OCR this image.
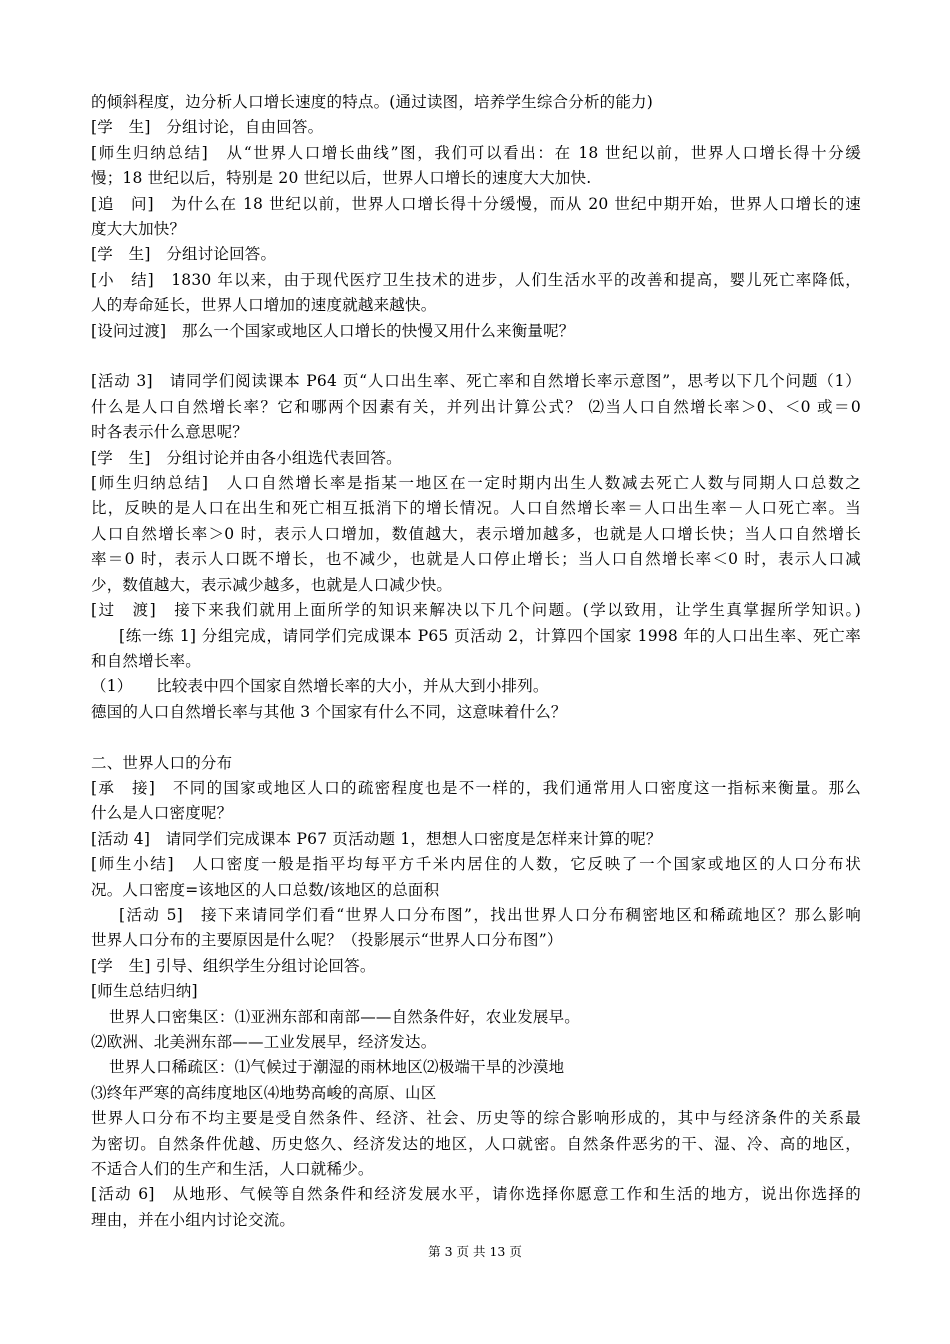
的倾斜程度，边分析人口增长速度的特点。(通过读图，培养学生综合分析的能力)
[学　生]　分组讨论，自由回答。
[师生归纳总结]　从“世界人口增长曲线”图，我们可以看出：在 18 世纪以前，世界人口增长得十分缓
慢；18 世纪以后，特别是 20 世纪以后，世界人口增长的速度大大加快.
[追　问]　为什么在 18 世纪以前，世界人口增长得十分缓慢，而从 20 世纪中期开始，世界人口增长的速
度大大加快？
[学　生]　分组讨论回答。
[小　结]　1830 年以来，由于现代医疗卫生技术的进步，人们生活水平的改善和提高，婴儿死亡率降低，
人的寿命延长，世界人口增加的速度就越来越快。
[设问过渡]　那么一个国家或地区人口增长的快慢又用什么来衡量呢？
[活动 3]　请同学们阅读课本 P64 页“人口出生率、死亡率和自然增长率示意图”，思考以下几个问题（1）
什么是人口自然增长率？它和哪两个因素有关，并列出计算公式？ ⑵当人口自然增长率＞0、＜0 或＝0
时各表示什么意思呢？
[学　生]　分组讨论并由各小组选代表回答。
[师生归纳总结]　人口自然增长率是指某一地区在一定时期内出生人数减去死亡人数与同期人口总数之
比，反映的是人口在出生和死亡相互抵消下的增长情况。人口自然增长率＝人口出生率－人口死亡率。当
人口自然增长率＞0 时，表示人口增加，数值越大，表示增加越多，也就是人口增长快；当人口自然增长
率＝0 时，表示人口既不增长，也不减少，也就是人口停止增长；当人口自然增长率＜0 时，表示人口减
少，数值越大，表示减少越多，也就是人口减少快。
[过　渡]　接下来我们就用上面所学的知识来解决以下几个问题。(学以致用，让学生真掌握所学知识。)
[练一练 1] 分组完成，请同学们完成课本 P65 页活动 2，计算四个国家 1998 年的人口出生率、死亡率
和自然增长率。
（1）　　比较表中四个国家自然增长率的大小，并从大到小排列。
德国的人口自然增长率与其他 3 个国家有什么不同，这意味着什么？
二、世界人口的分布
[承　接]　不同的国家或地区人口的疏密程度也是不一样的，我们通常用人口密度这一指标来衡量。那么
什么是人口密度呢？
[活动 4]　请同学们完成课本 P67 页活动题 1，想想人口密度是怎样来计算的呢？
[师生小结]　人口密度一般是指平均每平方千米内居住的人数，它反映了一个国家或地区的人口分布状
况。人口密度=该地区的人口总数/该地区的总面积
[活动 5]　接下来请同学们看“世界人口分布图”，找出世界人口分布稠密地区和稀疏地区？那么影响
世界人口分布的主要原因是什么呢？（投影展示“世界人口分布图”）
[学　生] 引导、组织学生分组讨论回答。
[师生总结归纳]
世界人口密集区：⑴亚洲东部和南部——自然条件好，农业发展早。
⑵欧洲、北美洲东部——工业发展早，经济发达。
世界人口稀疏区：⑴气候过于潮湿的雨林地区⑵极端干旱的沙漠地
⑶终年严寒的高纬度地区⑷地势高峻的高原、山区
世界人口分布不均主要是受自然条件、经济、社会、历史等的综合影响形成的，其中与经济条件的关系最
为密切。自然条件优越、历史悠久、经济发达的地区，人口就密。自然条件恶劣的干、湿、冷、高的地区，
不适合人们的生产和生活，人口就稀少。
[活动 6]　从地形、气候等自然条件和经济发展水平，请你选择你愿意工作和生活的地方，说出你选择的
理由，并在小组内讨论交流。
第 3 页 共 13 页
